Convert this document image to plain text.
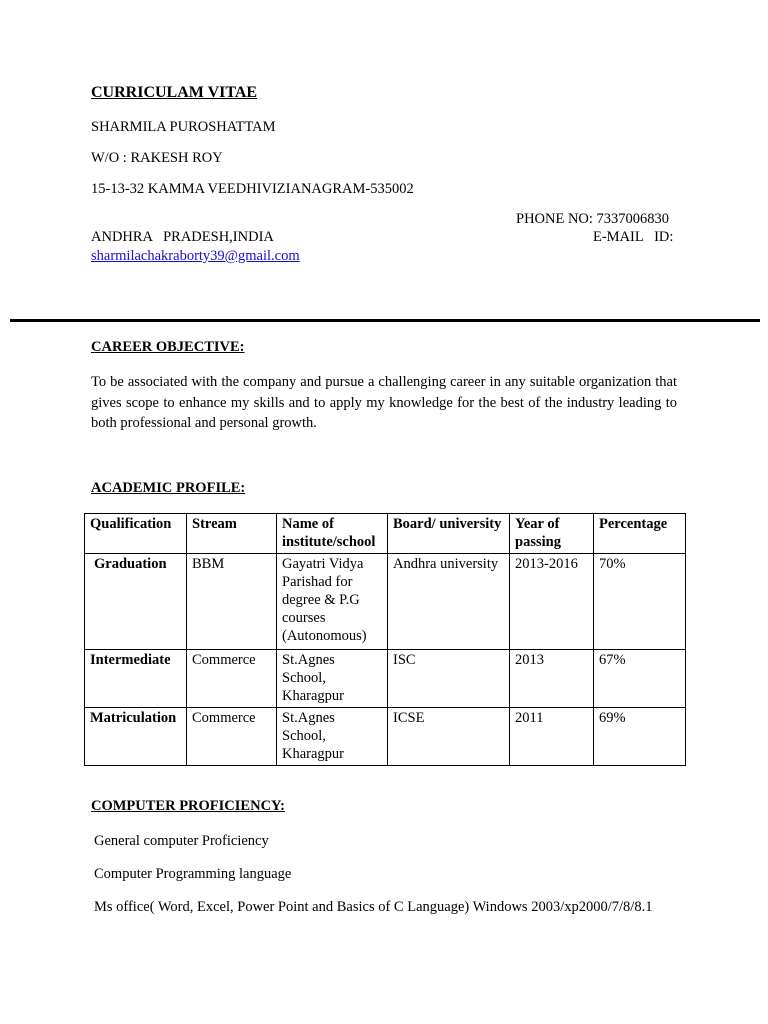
CURRICULAM VITAE
SHARMILA PUROSHATTAM
W/O : RAKESH ROY
15-13-32 KAMMA VEEDHIVIZIANAGRAM-535002
PHONE NO: 7337006830
ANDHRA   PRADESH,INDIA	E-MAIL   ID:
sharmilachakraborty39@gmail.com
CAREER OBJECTIVE:
To be associated with the company and pursue a challenging career in any suitable organization that gives scope to enhance my skills and to apply my knowledge for the best of the industry leading to both professional and personal growth.
ACADEMIC PROFILE:
Qualification	Stream	Name of institute/school	Board/ university	Year of passing	Percentage
Graduation	BBM	Gayatri Vidya Parishad for degree & P.G courses (Autonomous)	Andhra university	2013-2016	70%
Intermediate	Commerce	St.Agnes School, Kharagpur	ISC	2013	67%
Matriculation	Commerce	St.Agnes School, Kharagpur	ICSE	2011	69%
COMPUTER PROFICIENCY:
General computer Proficiency
Computer Programming language
Ms office( Word, Excel, Power Point and Basics of C Language) Windows 2003/xp2000/7/8/8.1
